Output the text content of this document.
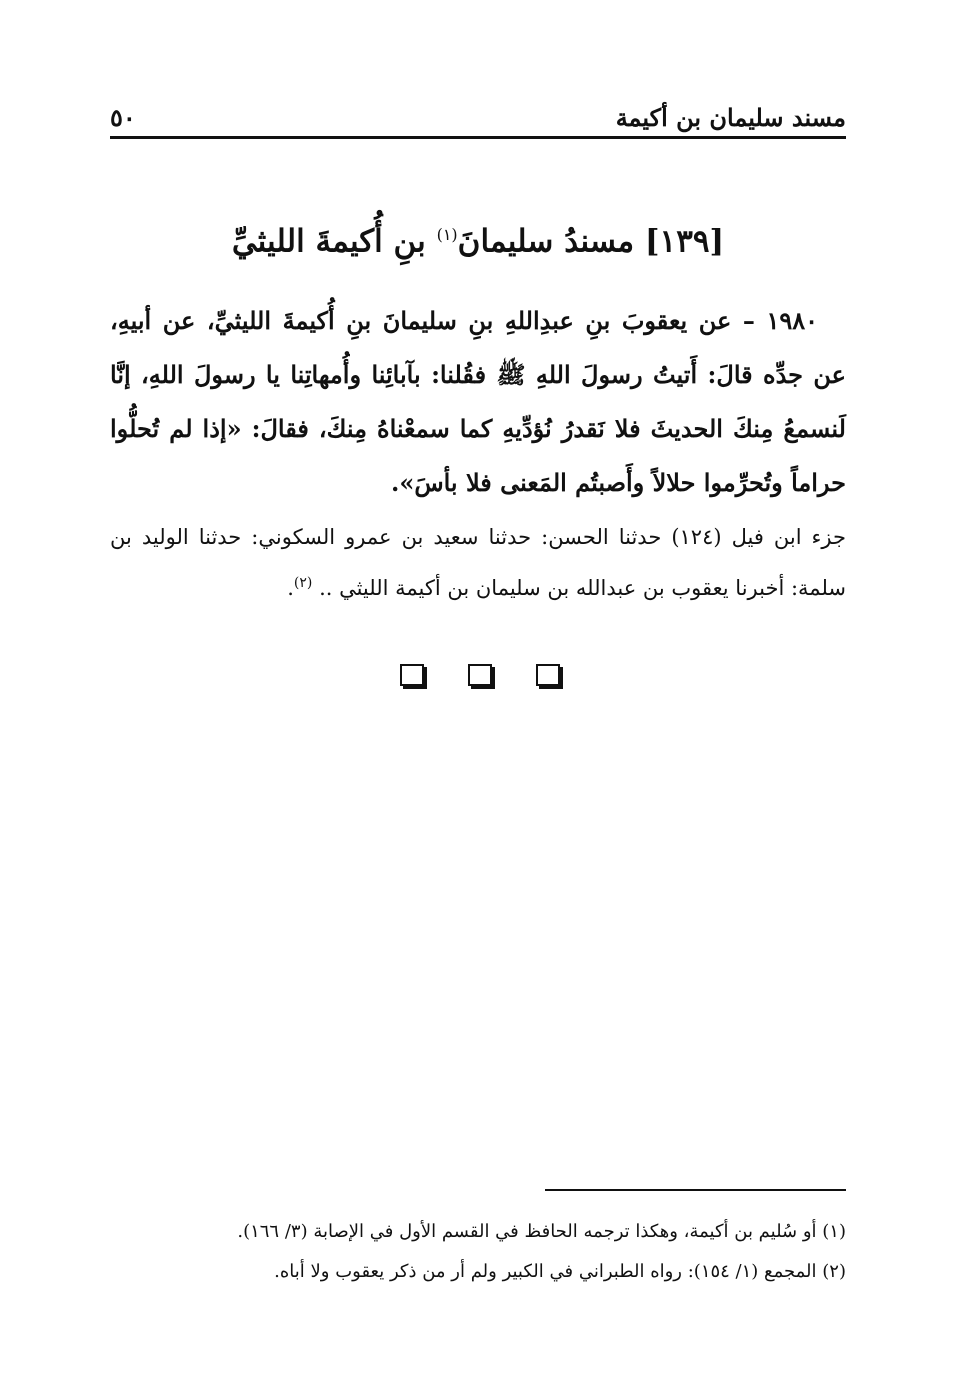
مسند سليمان بن أكيمة
٥٠
[١٣٩] مسندُ سليمانَ$^{(١)}$ بنِ أُكيمةَ الليثيِّ
١٩٨٠ – عن يعقوبَ بنِ عبدِاللهِ بنِ سليمانَ بنِ أُكيمةَ الليثيِّ، عن أبيهِ، عن جدِّه قالَ: أَتيتُ رسولَ اللهِ ﷺ فقُلنا: بآبائِنا وأُمهاتِنا يا رسولَ اللهِ، إنَّا لَنسمعُ مِنكَ الحديثَ فلا نَقدرُ نُؤدِّيهِ كما سمعْناهُ مِنكَ، فقالَ: «إذا لم تُحلُّوا حراماً وتُحرِّموا حلالاً وأَصبتُم المَعنى فلا بأسَ».
جزء ابن فيل (١٢٤) حدثنا الحسن: حدثنا سعيد بن عمرو السكوني: حدثنا الوليد بن سلمة: أخبرنا يعقوب بن عبدالله بن سليمان بن أكيمة الليثي .. $^{(٢)}$.
(١) أو سُليم بن أكيمة، وهكذا ترجمه الحافظ في القسم الأول في الإصابة (٣/ ١٦٦).
(٢) المجمع (١/ ١٥٤): رواه الطبراني في الكبير ولم أر من ذكر يعقوب ولا أباه.
